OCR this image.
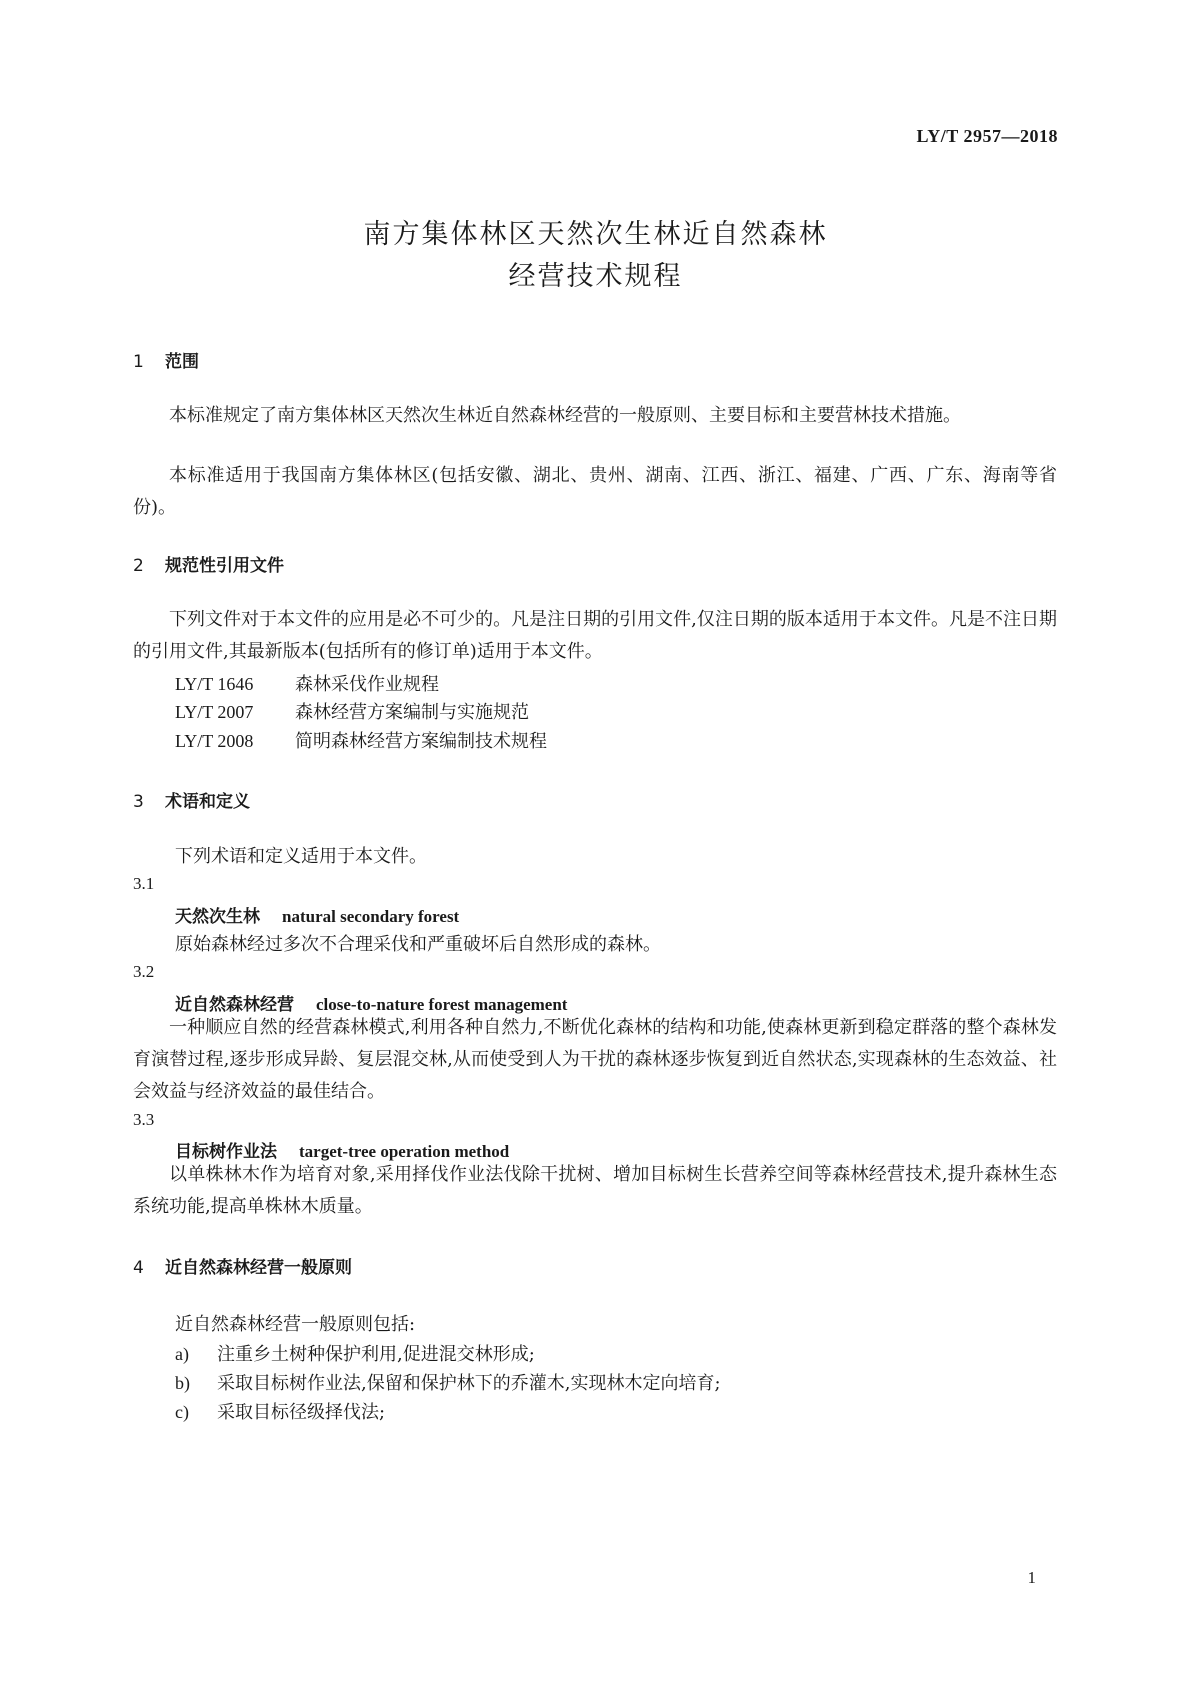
LY/T 2957—2018
南方集体林区天然次生林近自然森林
经营技术规程
1 范围
本标准规定了南方集体林区天然次生林近自然森林经营的一般原则、主要目标和主要营林技术措施。
本标准适用于我国南方集体林区(包括安徽、湖北、贵州、湖南、江西、浙江、福建、广西、广东、海南等省份)。
2 规范性引用文件
下列文件对于本文件的应用是必不可少的。凡是注日期的引用文件,仅注日期的版本适用于本文件。凡是不注日期的引用文件,其最新版本(包括所有的修订单)适用于本文件。
LY/T 1646 森林采伐作业规程
LY/T 2007 森林经营方案编制与实施规范
LY/T 2008 简明森林经营方案编制技术规程
3 术语和定义
下列术语和定义适用于本文件。
3.1
天然次生林 natural secondary forest
原始森林经过多次不合理采伐和严重破坏后自然形成的森林。
3.2
近自然森林经营 close-to-nature forest management
一种顺应自然的经营森林模式,利用各种自然力,不断优化森林的结构和功能,使森林更新到稳定群落的整个森林发育演替过程,逐步形成异龄、复层混交林,从而使受到人为干扰的森林逐步恢复到近自然状态,实现森林的生态效益、社会效益与经济效益的最佳结合。
3.3
目标树作业法 target-tree operation method
以单株林木作为培育对象,采用择伐作业法伐除干扰树、增加目标树生长营养空间等森林经营技术,提升森林生态系统功能,提高单株林木质量。
4 近自然森林经营一般原则
近自然森林经营一般原则包括:
a) 注重乡土树种保护利用,促进混交林形成;
b) 采取目标树作业法,保留和保护林下的乔灌木,实现林木定向培育;
c) 采取目标径级择伐法;
1
